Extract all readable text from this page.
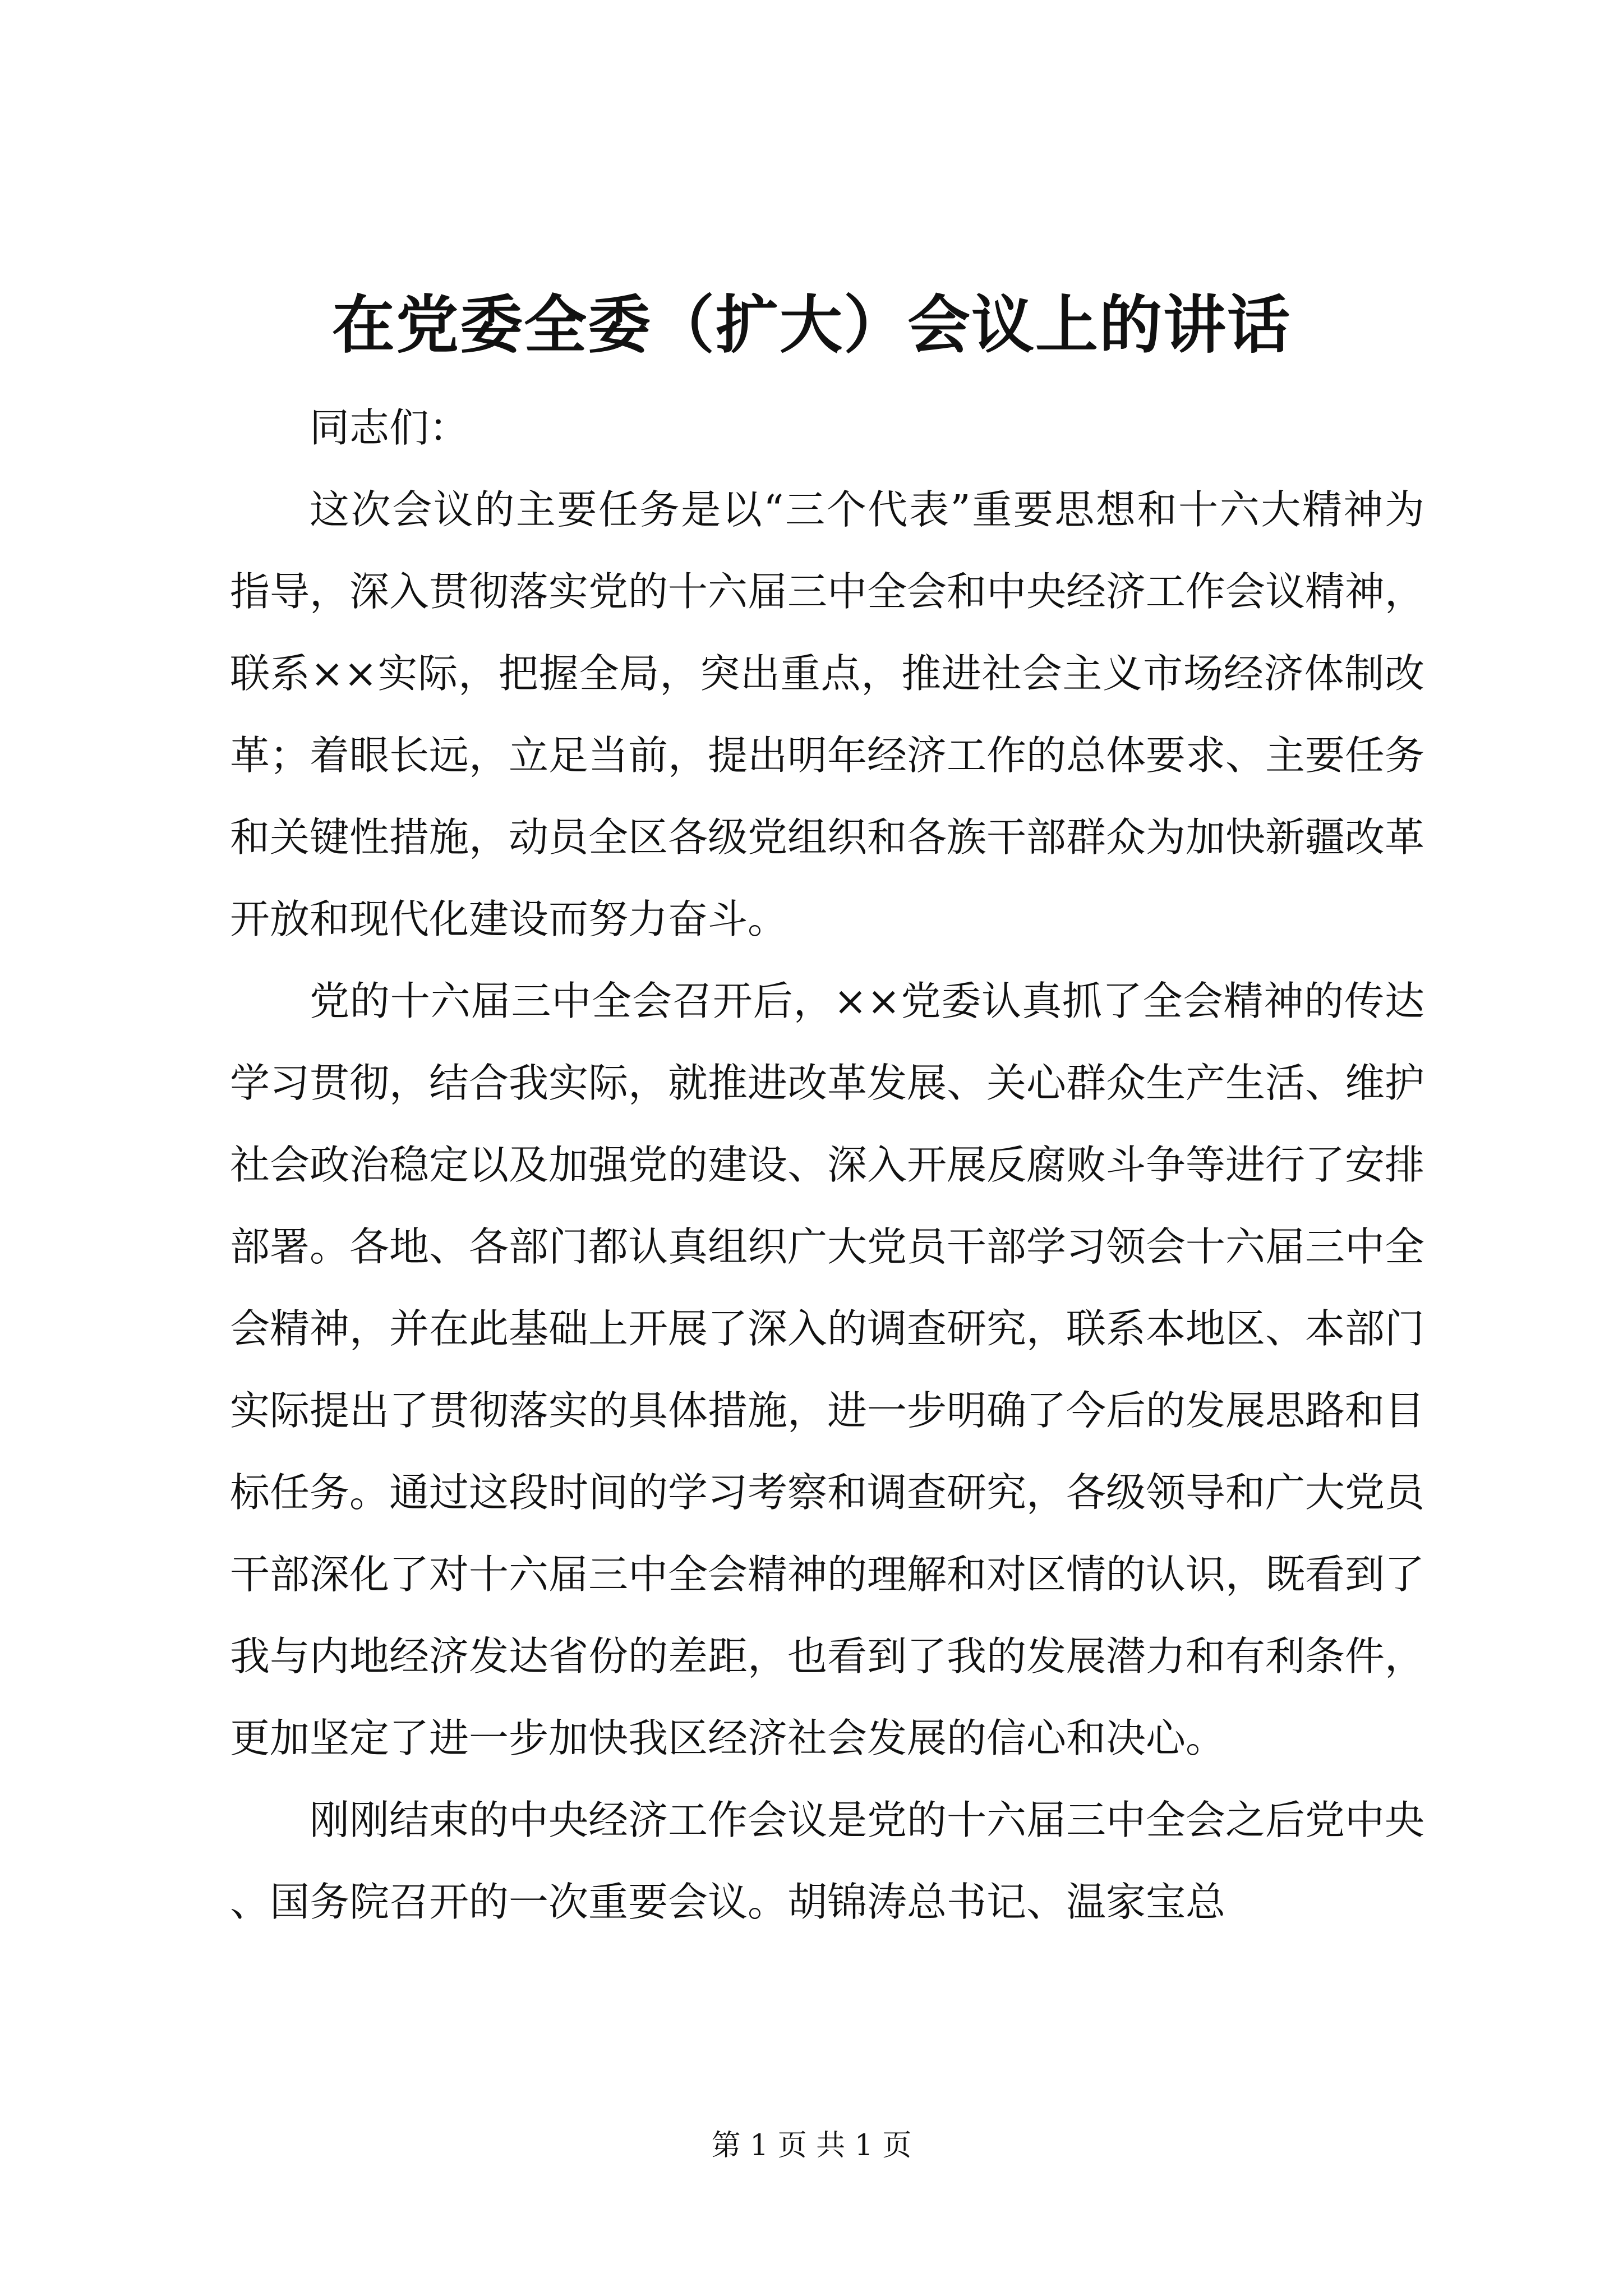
在党委全委（扩大）会议上的讲话

同志们：

这次会议的主要任务是以“三个代表”重要思想和十六大精神为指导，深入贯彻落实党的十六届三中全会和中央经济工作会议精神，联系××实际，把握全局，突出重点，推进社会主义市场经济体制改革；着眼长远，立足当前，提出明年经济工作的总体要求、主要任务和关键性措施，动员全区各级党组织和各族干部群众为加快新疆改革开放和现代化建设而努力奋斗。

党的十六届三中全会召开后，××党委认真抓了全会精神的传达学习贯彻，结合我实际，就推进改革发展、关心群众生产生活、维护社会政治稳定以及加强党的建设、深入开展反腐败斗争等进行了安排部署。各地、各部门都认真组织广大党员干部学习领会十六届三中全会精神，并在此基础上开展了深入的调查研究，联系本地区、本部门实际提出了贯彻落实的具体措施，进一步明确了今后的发展思路和目标任务。通过这段时间的学习考察和调查研究，各级领导和广大党员干部深化了对十六届三中全会精神的理解和对区情的认识，既看到了我与内地经济发达省份的差距，也看到了我的发展潜力和有利条件，更加坚定了进一步加快我区经济社会发展的信心和决心。

刚刚结束的中央经济工作会议是党的十六届三中全会之后党中央、国务院召开的一次重要会议。胡锦涛总书记、温家宝总

第 1 页 共 1 页
